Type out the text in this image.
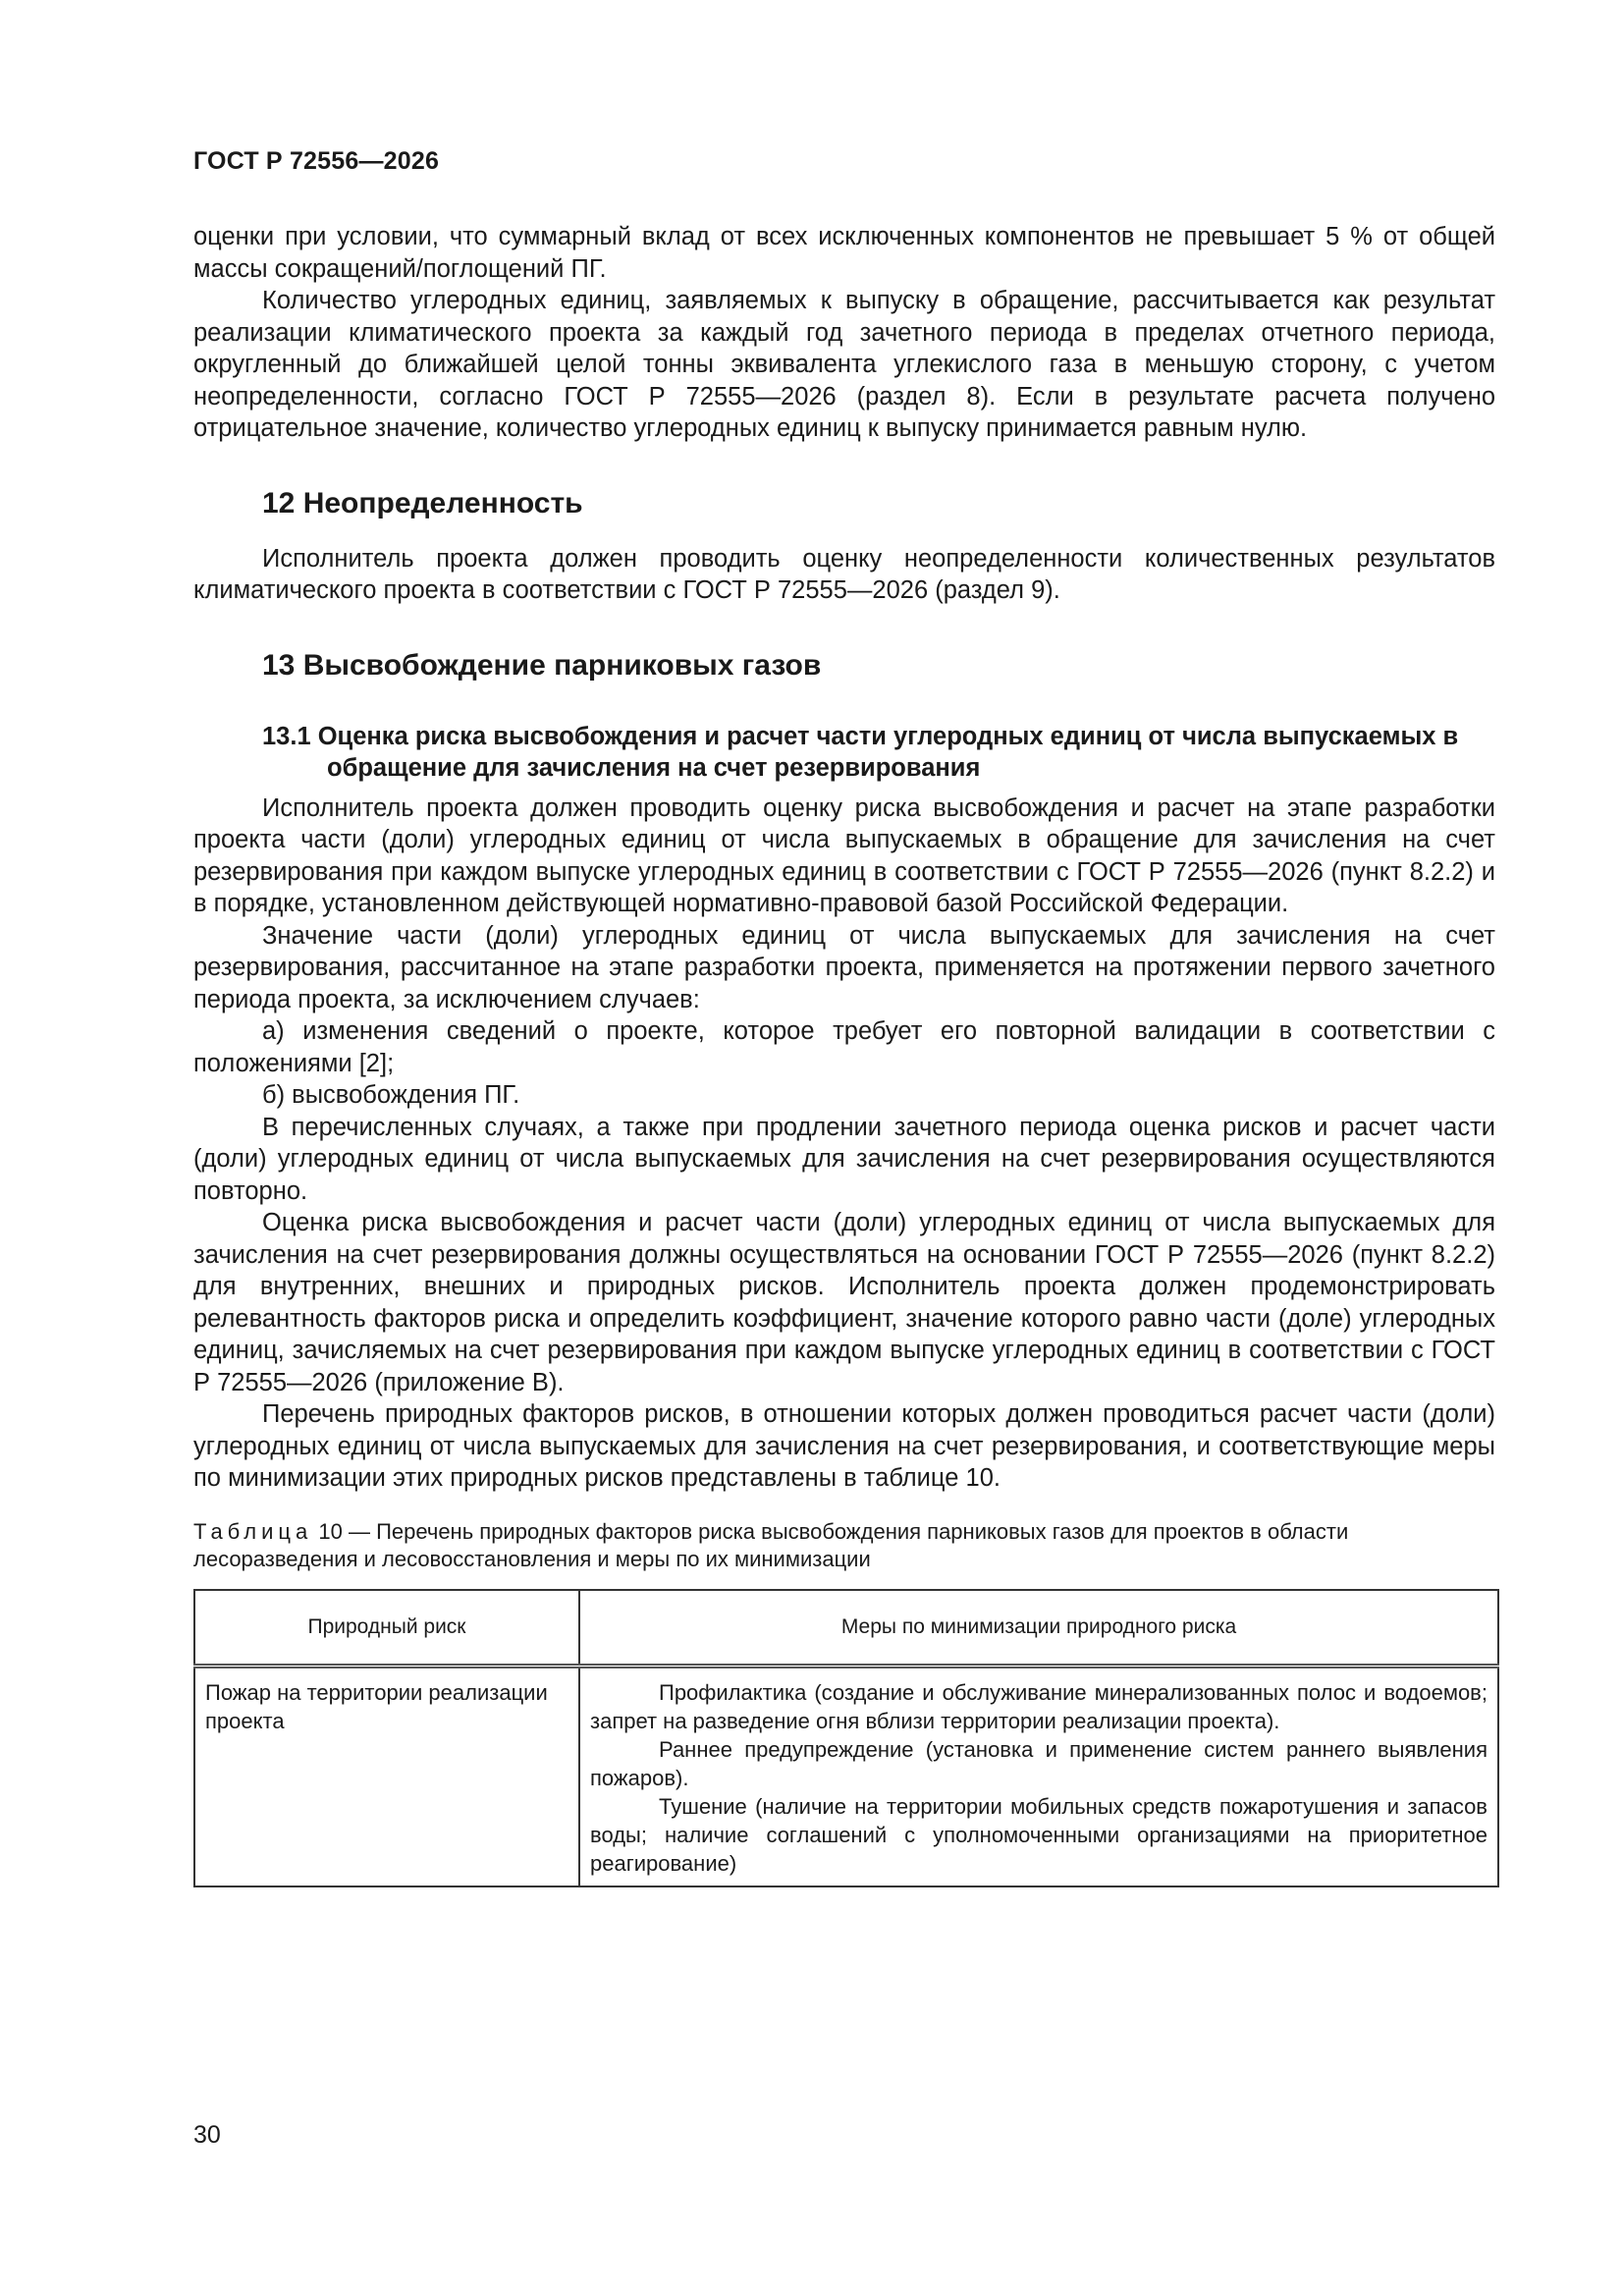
ГОСТ Р 72556—2026

оценки при условии, что суммарный вклад от всех исключенных компонентов не превышает 5 % от общей массы сокращений/поглощений ПГ.

Количество углеродных единиц, заявляемых к выпуску в обращение, рассчитывается как результат реализации климатического проекта за каждый год зачетного периода в пределах отчетного периода, округленный до ближайшей целой тонны эквивалента углекислого газа в меньшую сторону, с учетом неопределенности, согласно ГОСТ Р 72555—2026 (раздел 8). Если в результате расчета получено отрицательное значение, количество углеродных единиц к выпуску принимается равным нулю.

12 Неопределенность

Исполнитель проекта должен проводить оценку неопределенности количественных результатов климатического проекта в соответствии с ГОСТ Р 72555—2026 (раздел 9).

13 Высвобождение парниковых газов
13.1 Оценка риска высвобождения и расчет части углеродных единиц от числа выпускаемых в обращение для зачисления на счет резервирования

Исполнитель проекта должен проводить оценку риска высвобождения и расчет на этапе разработки проекта части (доли) углеродных единиц от числа выпускаемых в обращение для зачисления на счет резервирования при каждом выпуске углеродных единиц в соответствии с ГОСТ Р 72555—2026 (пункт 8.2.2) и в порядке, установленном действующей нормативно-правовой базой Российской Федерации.

Значение части (доли) углеродных единиц от числа выпускаемых для зачисления на счет резервирования, рассчитанное на этапе разработки проекта, применяется на протяжении первого зачетного периода проекта, за исключением случаев:

а) изменения сведений о проекте, которое требует его повторной валидации в соответствии с положениями [2];

б) высвобождения ПГ.

В перечисленных случаях, а также при продлении зачетного периода оценка рисков и расчет части (доли) углеродных единиц от числа выпускаемых для зачисления на счет резервирования осуществляются повторно.

Оценка риска высвобождения и расчет части (доли) углеродных единиц от числа выпускаемых для зачисления на счет резервирования должны осуществляться на основании ГОСТ Р 72555—2026 (пункт 8.2.2) для внутренних, внешних и природных рисков. Исполнитель проекта должен продемонстрировать релевантность факторов риска и определить коэффициент, значение которого равно части (доле) углеродных единиц, зачисляемых на счет резервирования при каждом выпуске углеродных единиц в соответствии с ГОСТ Р 72555—2026 (приложение В).

Перечень природных факторов рисков, в отношении которых должен проводиться расчет части (доли) углеродных единиц от числа выпускаемых для зачисления на счет резервирования, и соответствующие меры по минимизации этих природных рисков представлены в таблице 10.

Таблица 10 — Перечень природных факторов риска высвобождения парниковых газов для проектов в области лесоразведения и лесовосстановления и меры по их минимизации
Природный риск	Меры по минимизации природного риска
Пожар на территории реализации проекта	Профилактика (создание и обслуживание минерализованных полос и водоемов; запрет на разведение огня вблизи территории реализации проекта).

Раннее предупреждение (установка и применение систем раннего выявления пожаров).

Тушение (наличие на территории мобильных средств пожаротушения и запасов воды; наличие соглашений с уполномоченными организациями на приоритетное реагирование)

30
